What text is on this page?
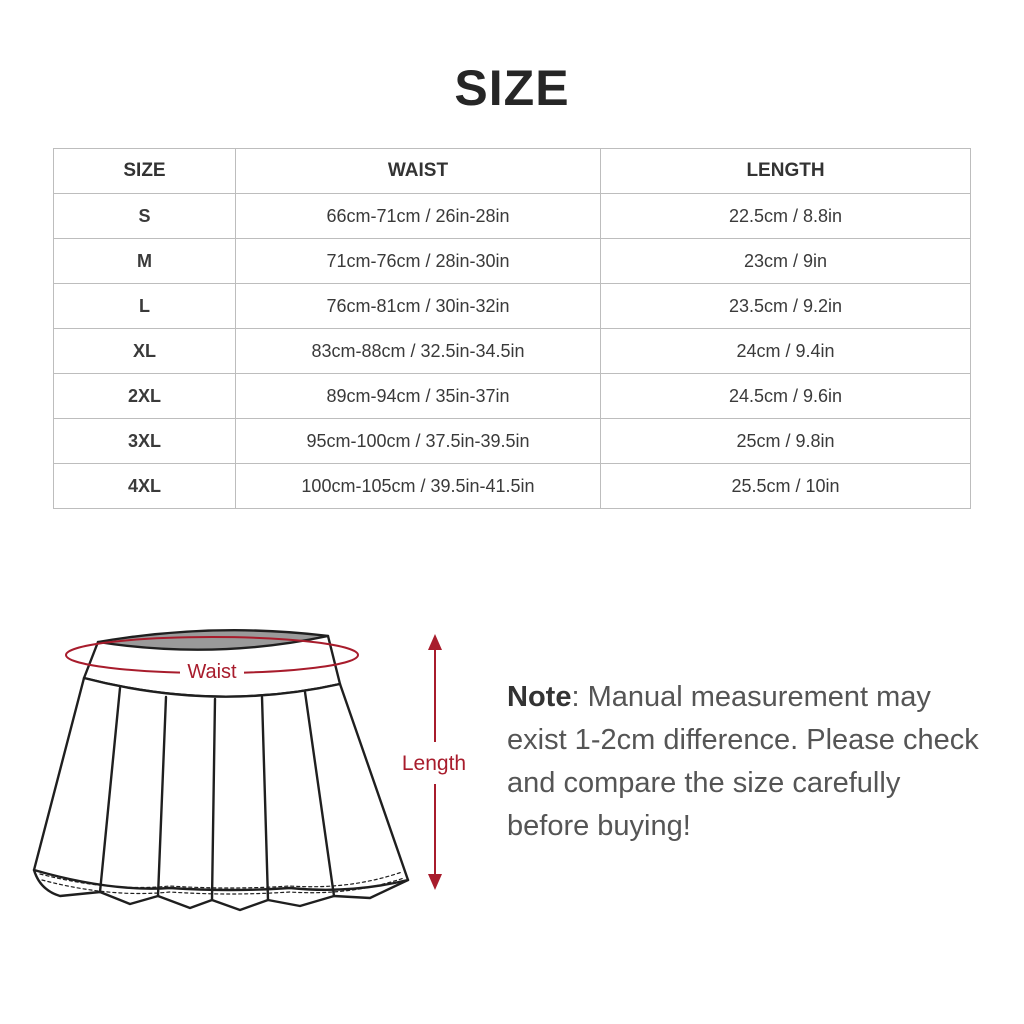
SIZE
SIZE	WAIST	LENGTH
S	66cm-71cm / 26in-28in	22.5cm / 8.8in
M	71cm-76cm / 28in-30in	23cm / 9in
L	76cm-81cm / 30in-32in	23.5cm / 9.2in
XL	83cm-88cm / 32.5in-34.5in	24cm / 9.4in
2XL	89cm-94cm / 35in-37in	24.5cm / 9.6in
3XL	95cm-100cm / 37.5in-39.5in	25cm / 9.8in
4XL	100cm-105cm / 39.5in-41.5in	25.5cm / 10in
Waist
Length
Note: Manual measurement may exist 1-2cm difference. Please check and compare the size carefully before buying!
